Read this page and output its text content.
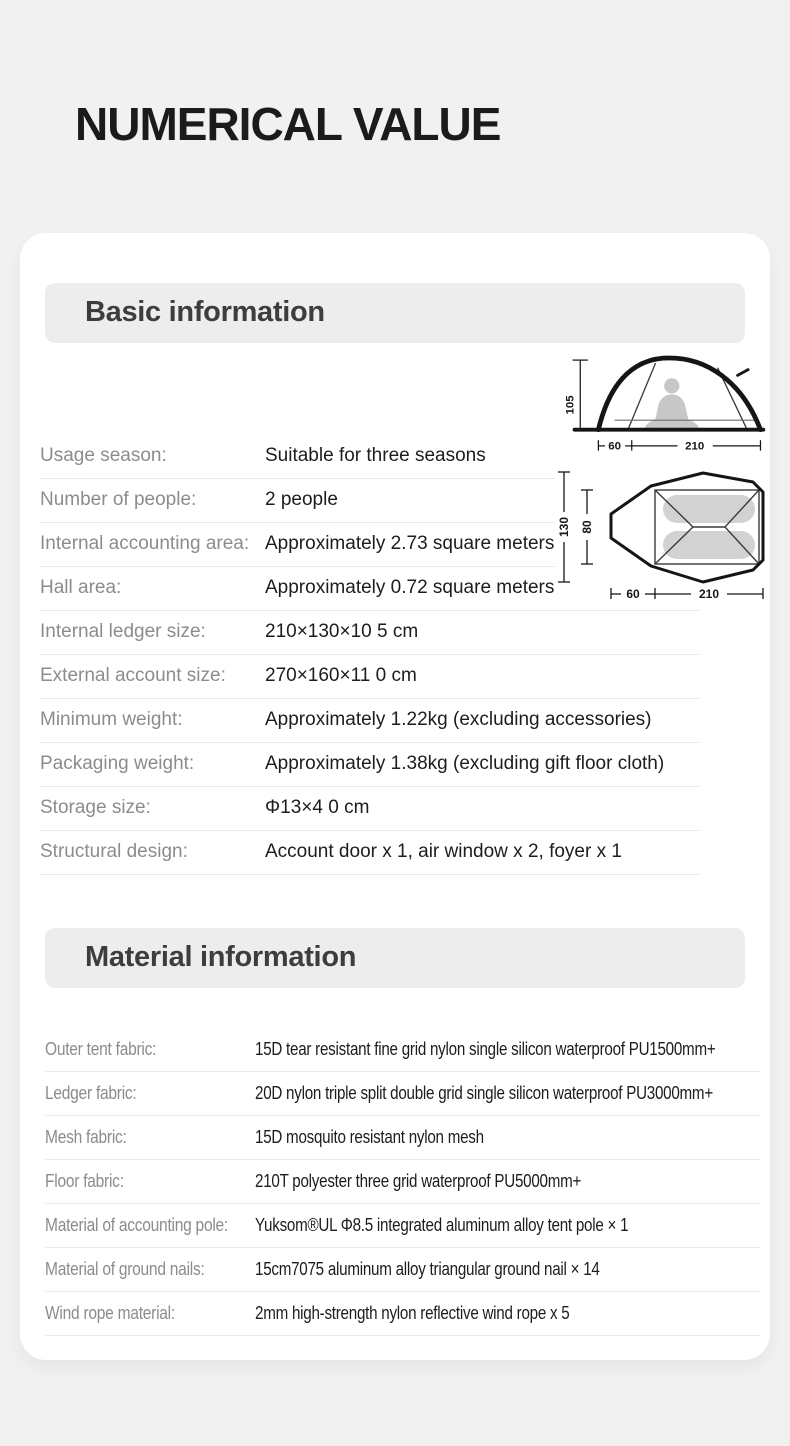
NUMERICAL VALUE
Basic information
Usage season:	Suitable for three seasons
Number of people:	2 people
Internal accounting area: Approximately 2.73 square meters
Hall area:	Approximately 0.72 square meters
Internal ledger size:	210×130×10 5 cm
External account size:	270×160×11 0 cm
Minimum weight:	Approximately 1.22kg (excluding accessories)
Packaging weight:	Approximately 1.38kg (excluding gift floor cloth)
Storage size:	Φ13×4 0 cm
Structural design:	Account door x 1, air window x 2, foyer x 1
105
60	210
130 80
60	210
Material information
Outer tent fabric:	15D tear resistant fine grid nylon single silicon waterproof PU1500mm+
Ledger fabric:	20D nylon triple split double grid single silicon waterproof PU3000mm+
Mesh fabric:	15D mosquito resistant nylon mesh
Floor fabric:	210T polyester three grid waterproof PU5000mm+
Material of accounting pole: Yuksom®UL Φ8.5 integrated aluminum alloy tent pole × 1
Material of ground nails:	15cm7075 aluminum alloy triangular ground nail × 14
Wind rope material:	2mm high-strength nylon reflective wind rope x 5
